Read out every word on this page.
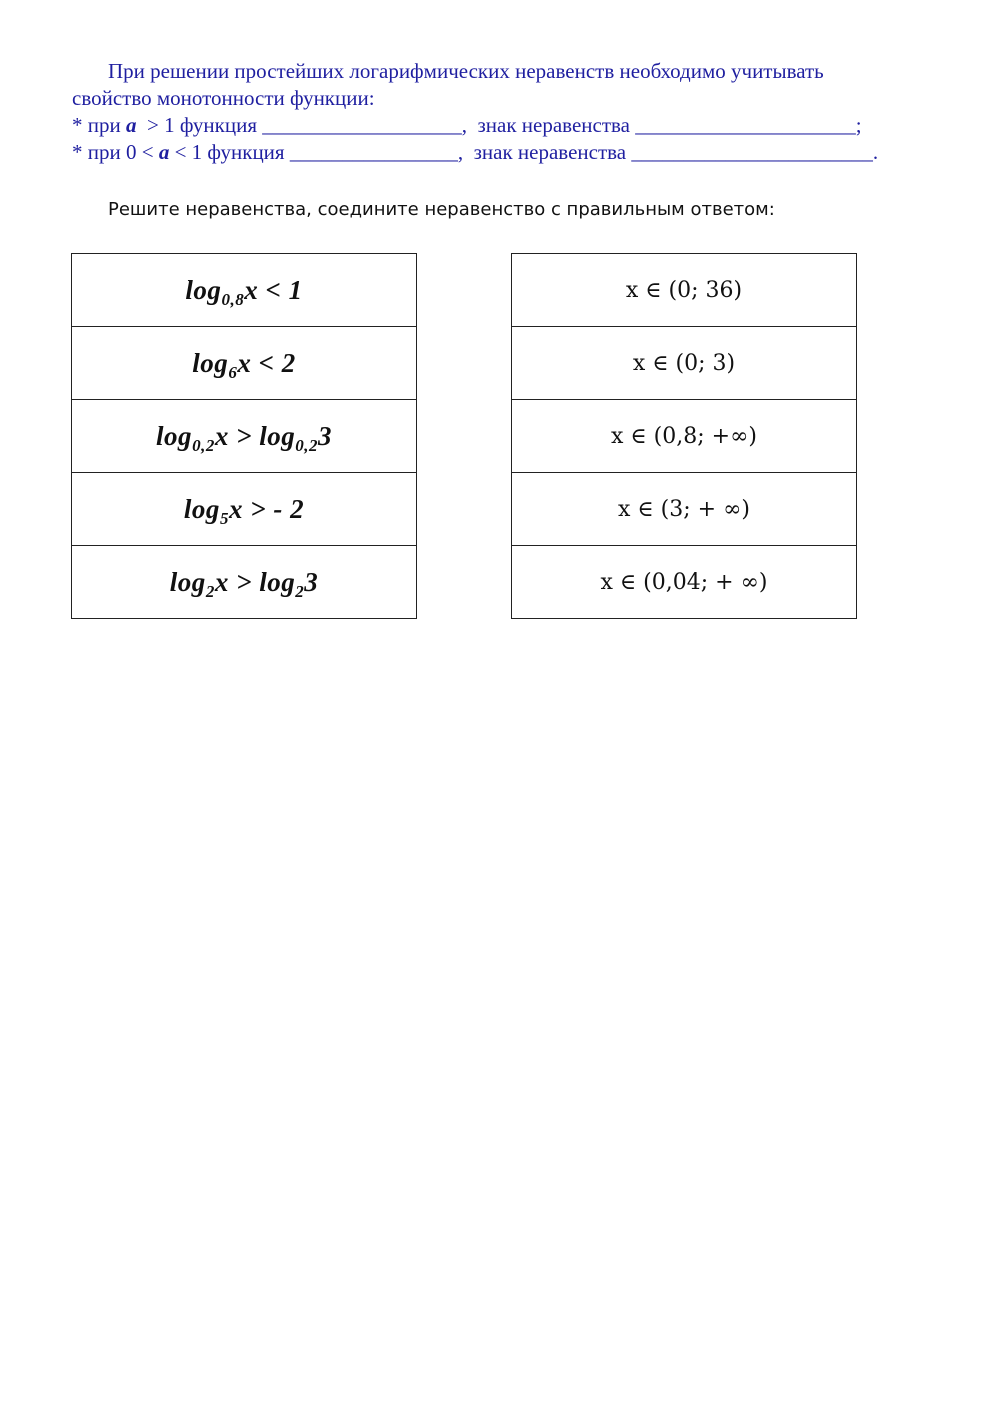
При решении простейших логарифмических неравенств необходимо учитывать
свойство монотонности функции:
* при a  > 1 функция ___________________,  знак неравенства _____________________;
* при 0 < a < 1 функция ________________,  знак неравенства _______________________.
Решите неравенства, соедините неравенство с правильным ответом:
$\log_{0,8}x < 1$
$\log_6x < 2$
$\log_{0,2}x > \log_{0,2}3$
$\log_5x$ > - 2
$\log_2x > \log_23$
x ∈ (0; 36)
x ∈ (0; 3)
x ∈ (0,8; +∞)
x ∈ (3; + ∞)
x ∈ (0,04; + ∞)
